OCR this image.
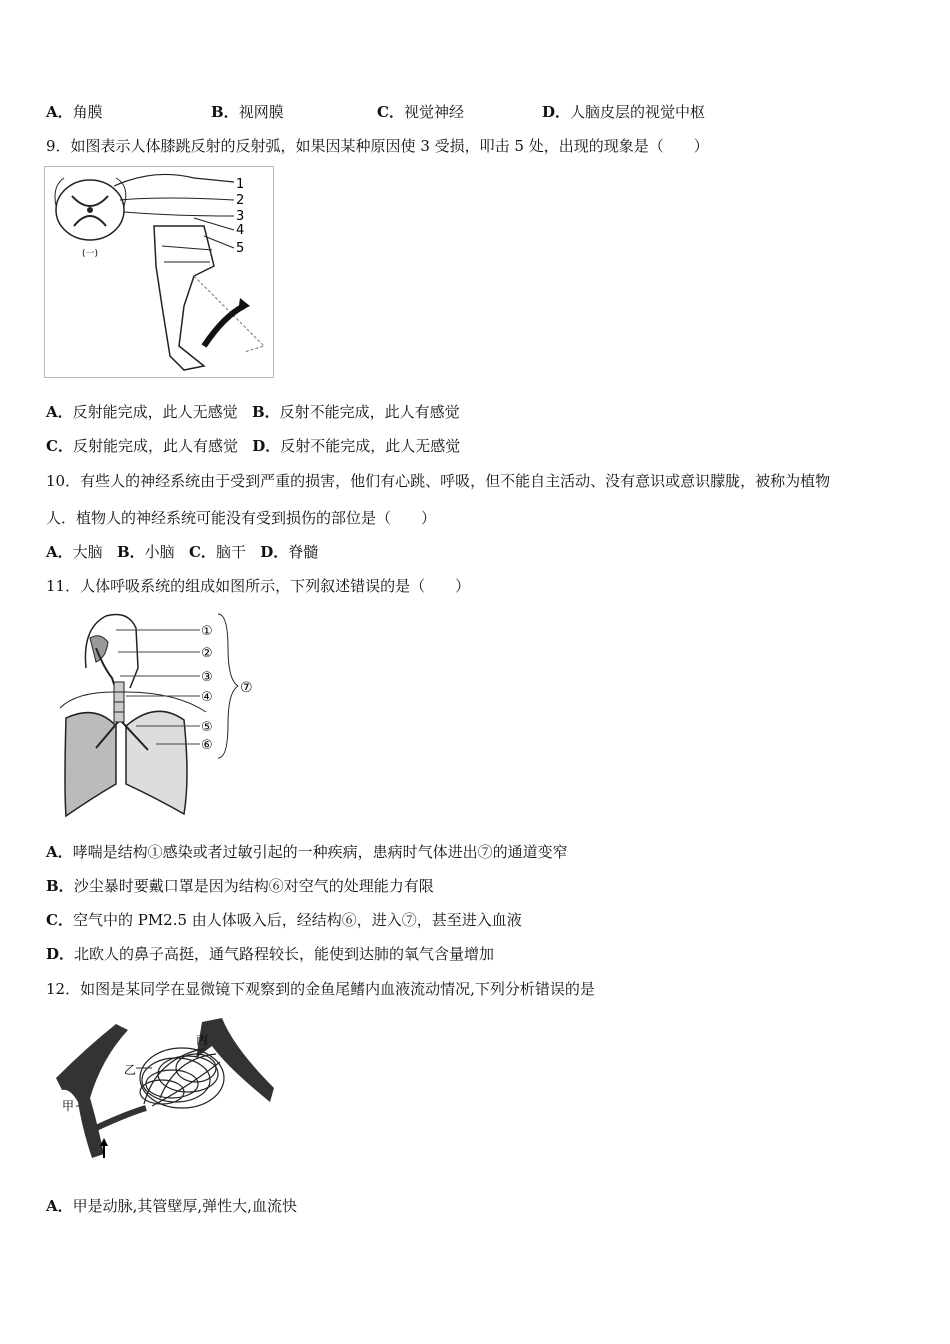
A．角膜	B．视网膜	C．视觉神经	D．人脑皮层的视觉中枢
9．如图表示人体膝跳反射的反射弧，如果因某种原因使 3 受损，叩击 5 处，出现的现象是（　　）
1
2
3
4
5
(一)
A．反射能完成，此人无感觉 B．反射不能完成，此人有感觉
C．反射能完成，此人有感觉 D．反射不能完成，此人无感觉
10．有些人的神经系统由于受到严重的损害，他们有心跳、呼吸，但不能自主活动、没有意识或意识朦胧，被称为植物
人．植物人的神经系统可能没有受到损伤的部位是（　　）
A．大脑 B．小脑 C．脑干 D．脊髓
11．人体呼吸系统的组成如图所示，下列叙述错误的是（　　）
①
②
③
④
⑤
⑥
⑦
A．哮喘是结构①感染或者过敏引起的一种疾病，患病时气体进出⑦的通道变窄
B．沙尘暴时要戴口罩是因为结构⑥对空气的处理能力有限
C．空气中的 PM2.5 由人体吸入后，经结构⑥，进入⑦，甚至进入血液
D．北欧人的鼻子高挺，通气路程较长，能使到达肺的氧气含量增加
12．如图是某同学在显微镜下观察到的金鱼尾鳍内血液流动情况,下列分析错误的是
丙
乙
甲
A．甲是动脉,其管壁厚,弹性大,血流快
